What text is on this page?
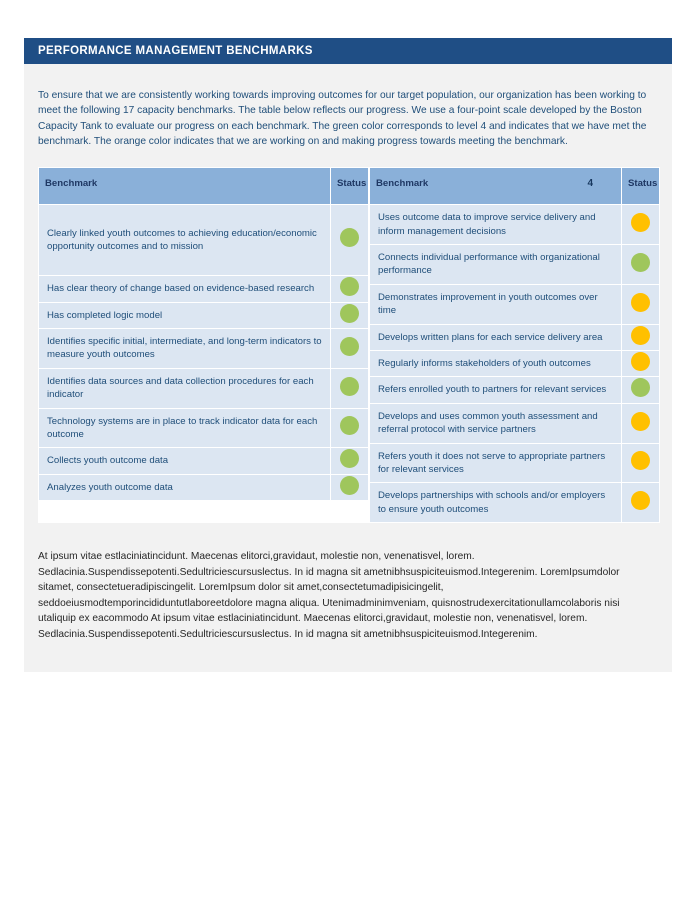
PERFORMANCE MANAGEMENT BENCHMARKS

To ensure that we are consistently working towards improving outcomes for our target population, our organization has been working to meet the following 17 capacity benchmarks. The table below reflects our progress. We use a four-point scale developed by the Boston Capacity Tank to evaluate our progress on each benchmark. The green color corresponds to level 4 and indicates that we have met the benchmark. The orange color indicates that we are working on and making progress towards meeting the benchmark.

Benchmark	Status
Clearly linked youth outcomes to achieving education/economic opportunity outcomes and to mission	
Has clear theory of change based on evidence-based research	
Has completed logic model	
Identifies specific initial, intermediate, and long-term indicators to measure youth outcomes	
Identifies data sources and data collection procedures for each indicator	
Technology systems are in place to track indicator data for each outcome	
Collects youth outcome data	
Analyzes youth outcome data	
Benchmark 4	Status
Uses outcome data to improve service delivery and inform management decisions	
Connects individual performance with organizational performance	
Demonstrates improvement in youth outcomes over time	
Develops written plans for each service delivery area	
Regularly informs stakeholders of youth outcomes	
Refers enrolled youth to partners for relevant services	
Develops and uses common youth assessment and referral protocol with service partners	
Refers youth it does not serve to appropriate partners for relevant services	
Develops partnerships with schools and/or employers to ensure youth outcomes	

At ipsum vitae estlaciniatincidunt. Maecenas elitorci,gravidaut, molestie non, venenatisvel, lorem. Sedlacinia.Suspendissepotenti.Sedultriciescursuslectus. In id magna sit ametnibhsuspiciteuismod.Integerenim. LoremIpsumdolor sitamet, consectetueradipiscingelit. LoremIpsum dolor sit amet,consectetumadipisicingelit, seddoeiusmodtemporincididuntutlaboreetdolore magna aliqua. Utenimadminimveniam, quisnostrudexercitationullamcolaboris nisi utaliquip ex eacommodo At ipsum vitae estlaciniatincidunt. Maecenas elitorci,gravidaut, molestie non, venenatisvel, lorem. Sedlacinia.Suspendissepotenti.Sedultriciescursuslectus. In id magna sit ametnibhsuspiciteuismod.Integerenim.
